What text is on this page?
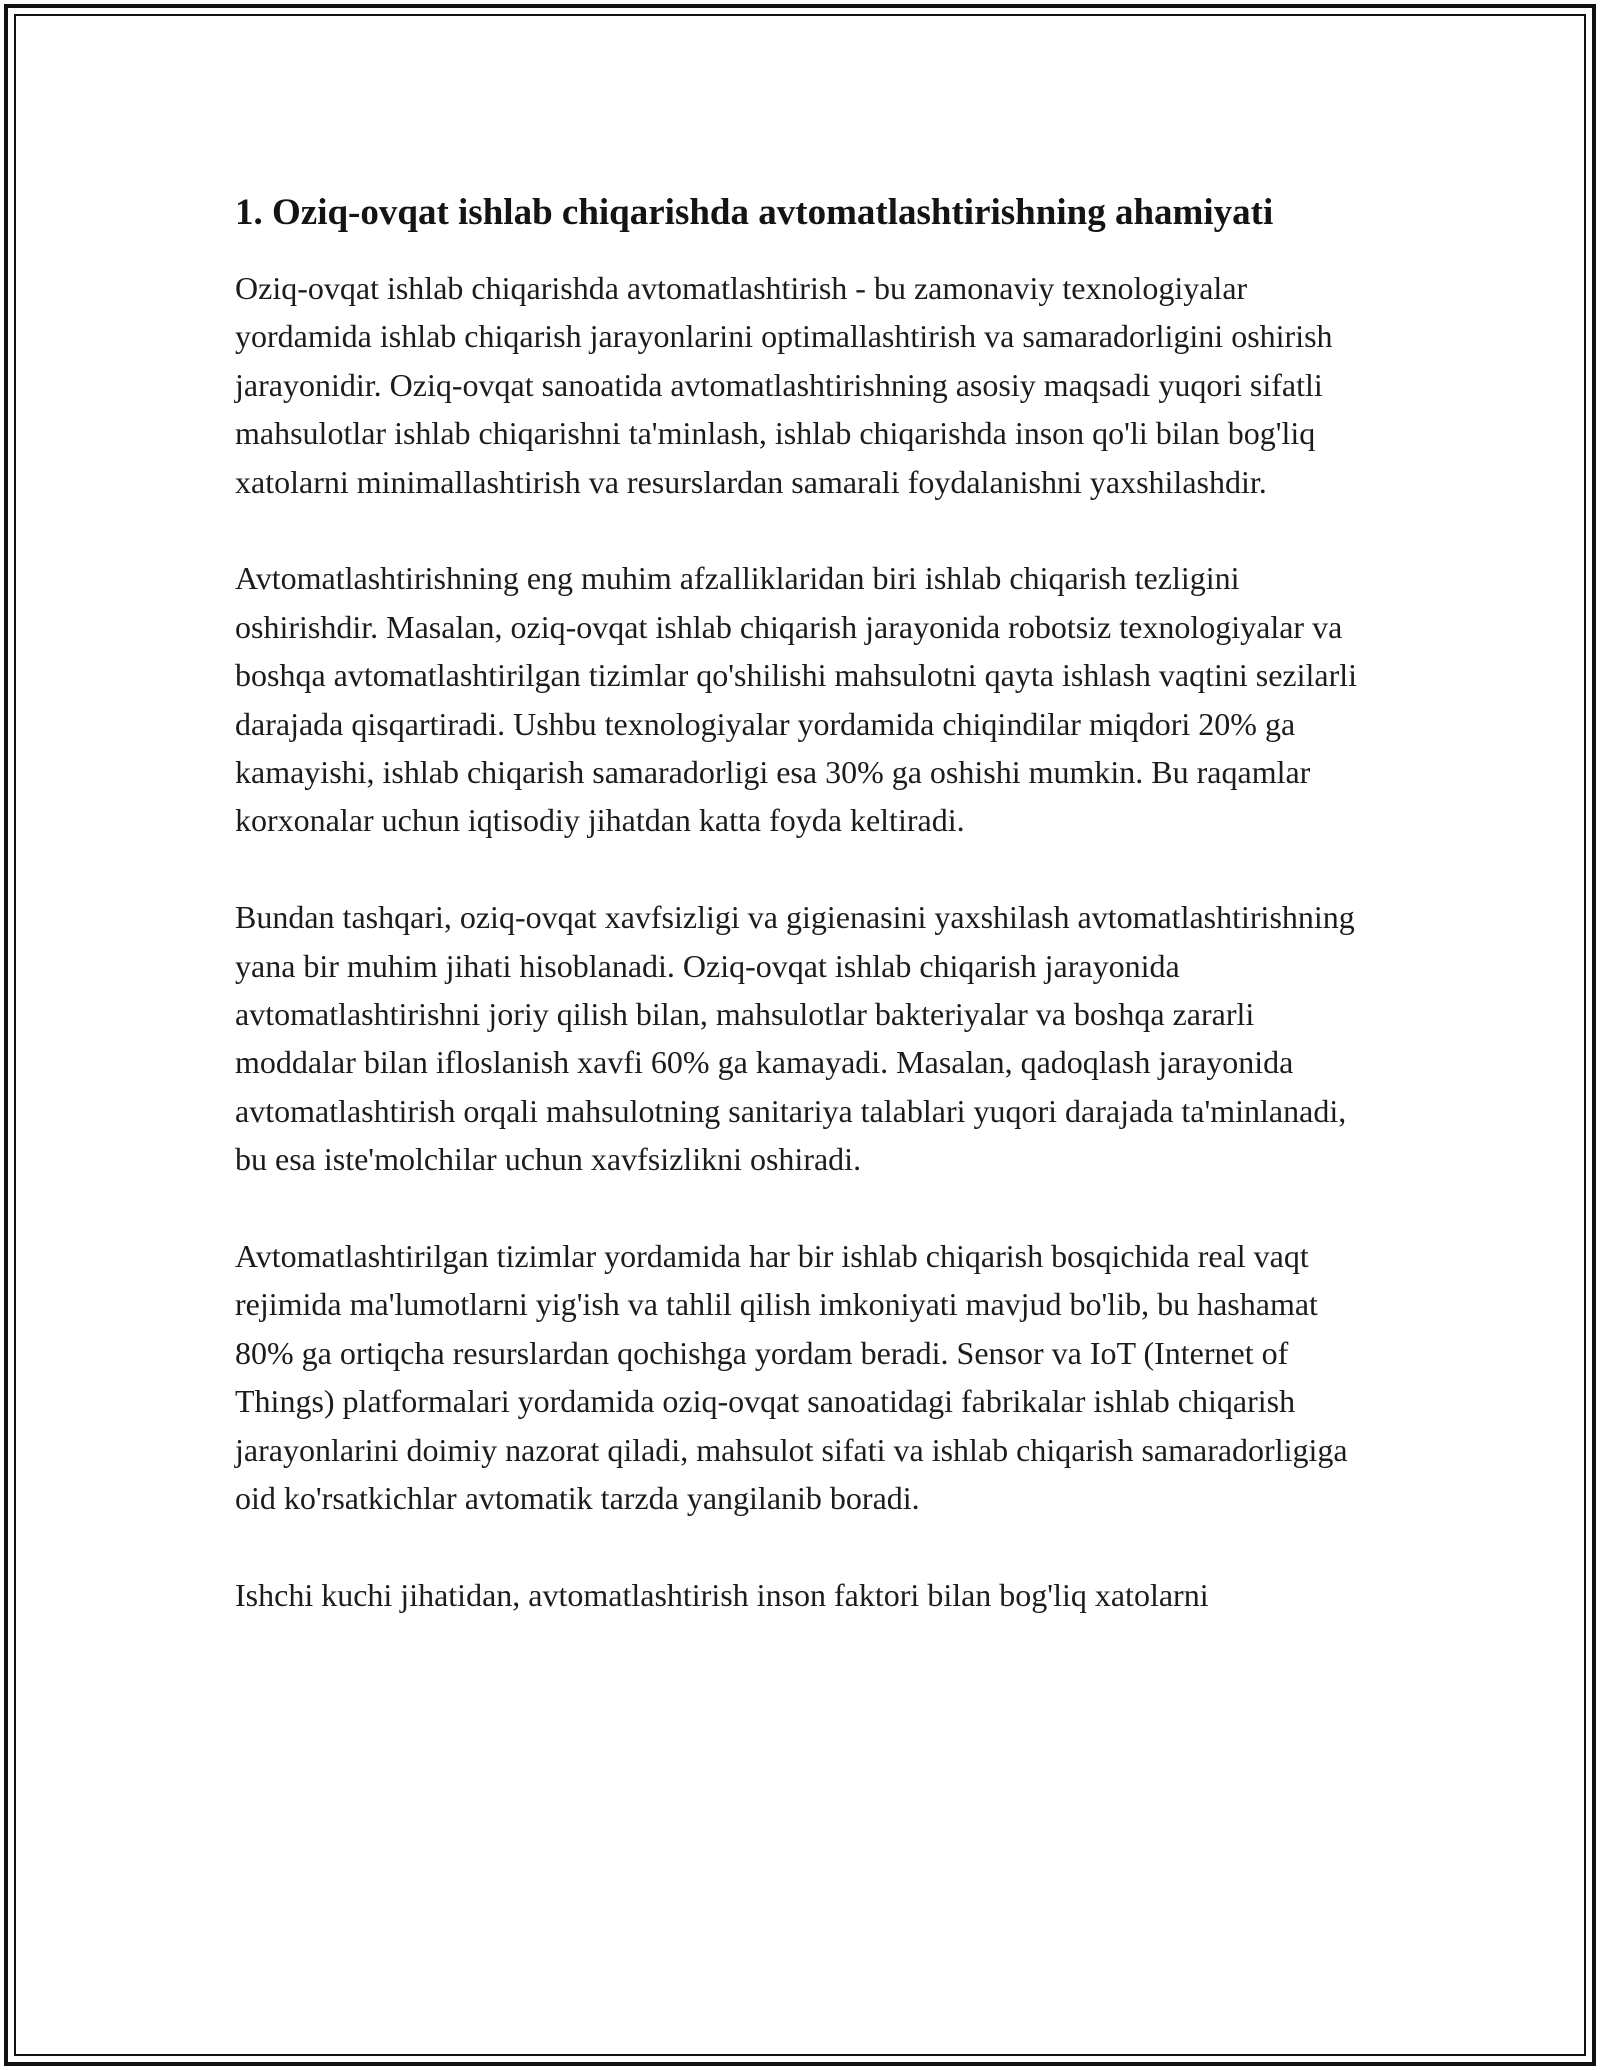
1. Oziq-ovqat ishlab chiqarishda avtomatlashtirishning ahamiyati

Oziq-ovqat ishlab chiqarishda avtomatlashtirish - bu zamonaviy texnologiyalar yordamida ishlab chiqarish jarayonlarini optimallashtirish va samaradorligini oshirish jarayonidir. Oziq-ovqat sanoatida avtomatlashtirishning asosiy maqsadi yuqori sifatli mahsulotlar ishlab chiqarishni ta'minlash, ishlab chiqarishda inson qo'li bilan bog'liq xatolarni minimallashtirish va resurslardan samarali foydalanishni yaxshilashdir.

Avtomatlashtirishning eng muhim afzalliklaridan biri ishlab chiqarish tezligini oshirishdir. Masalan, oziq-ovqat ishlab chiqarish jarayonida robotsiz texnologiyalar va boshqa avtomatlashtirilgan tizimlar qo'shilishi mahsulotni qayta ishlash vaqtini sezilarli darajada qisqartiradi. Ushbu texnologiyalar yordamida chiqindilar miqdori 20% ga kamayishi, ishlab chiqarish samaradorligi esa 30% ga oshishi mumkin. Bu raqamlar korxonalar uchun iqtisodiy jihatdan katta foyda keltiradi.

Bundan tashqari, oziq-ovqat xavfsizligi va gigienasini yaxshilash avtomatlashtirishning yana bir muhim jihati hisoblanadi. Oziq-ovqat ishlab chiqarish jarayonida avtomatlashtirishni joriy qilish bilan, mahsulotlar bakteriyalar va boshqa zararli moddalar bilan ifloslanish xavfi 60% ga kamayadi. Masalan, qadoqlash jarayonida avtomatlashtirish orqali mahsulotning sanitariya talablari yuqori darajada ta'minlanadi, bu esa iste'molchilar uchun xavfsizlikni oshiradi.

Avtomatlashtirilgan tizimlar yordamida har bir ishlab chiqarish bosqichida real vaqt rejimida ma'lumotlarni yig'ish va tahlil qilish imkoniyati mavjud bo'lib, bu hashamat 80% ga ortiqcha resurslardan qochishga yordam beradi. Sensor va IoT (Internet of Things) platformalari yordamida oziq-ovqat sanoatidagi fabrikalar ishlab chiqarish jarayonlarini doimiy nazorat qiladi, mahsulot sifati va ishlab chiqarish samaradorligiga oid ko'rsatkichlar avtomatik tarzda yangilanib boradi.

Ishchi kuchi jihatidan, avtomatlashtirish inson faktori bilan bog'liq xatolarni
